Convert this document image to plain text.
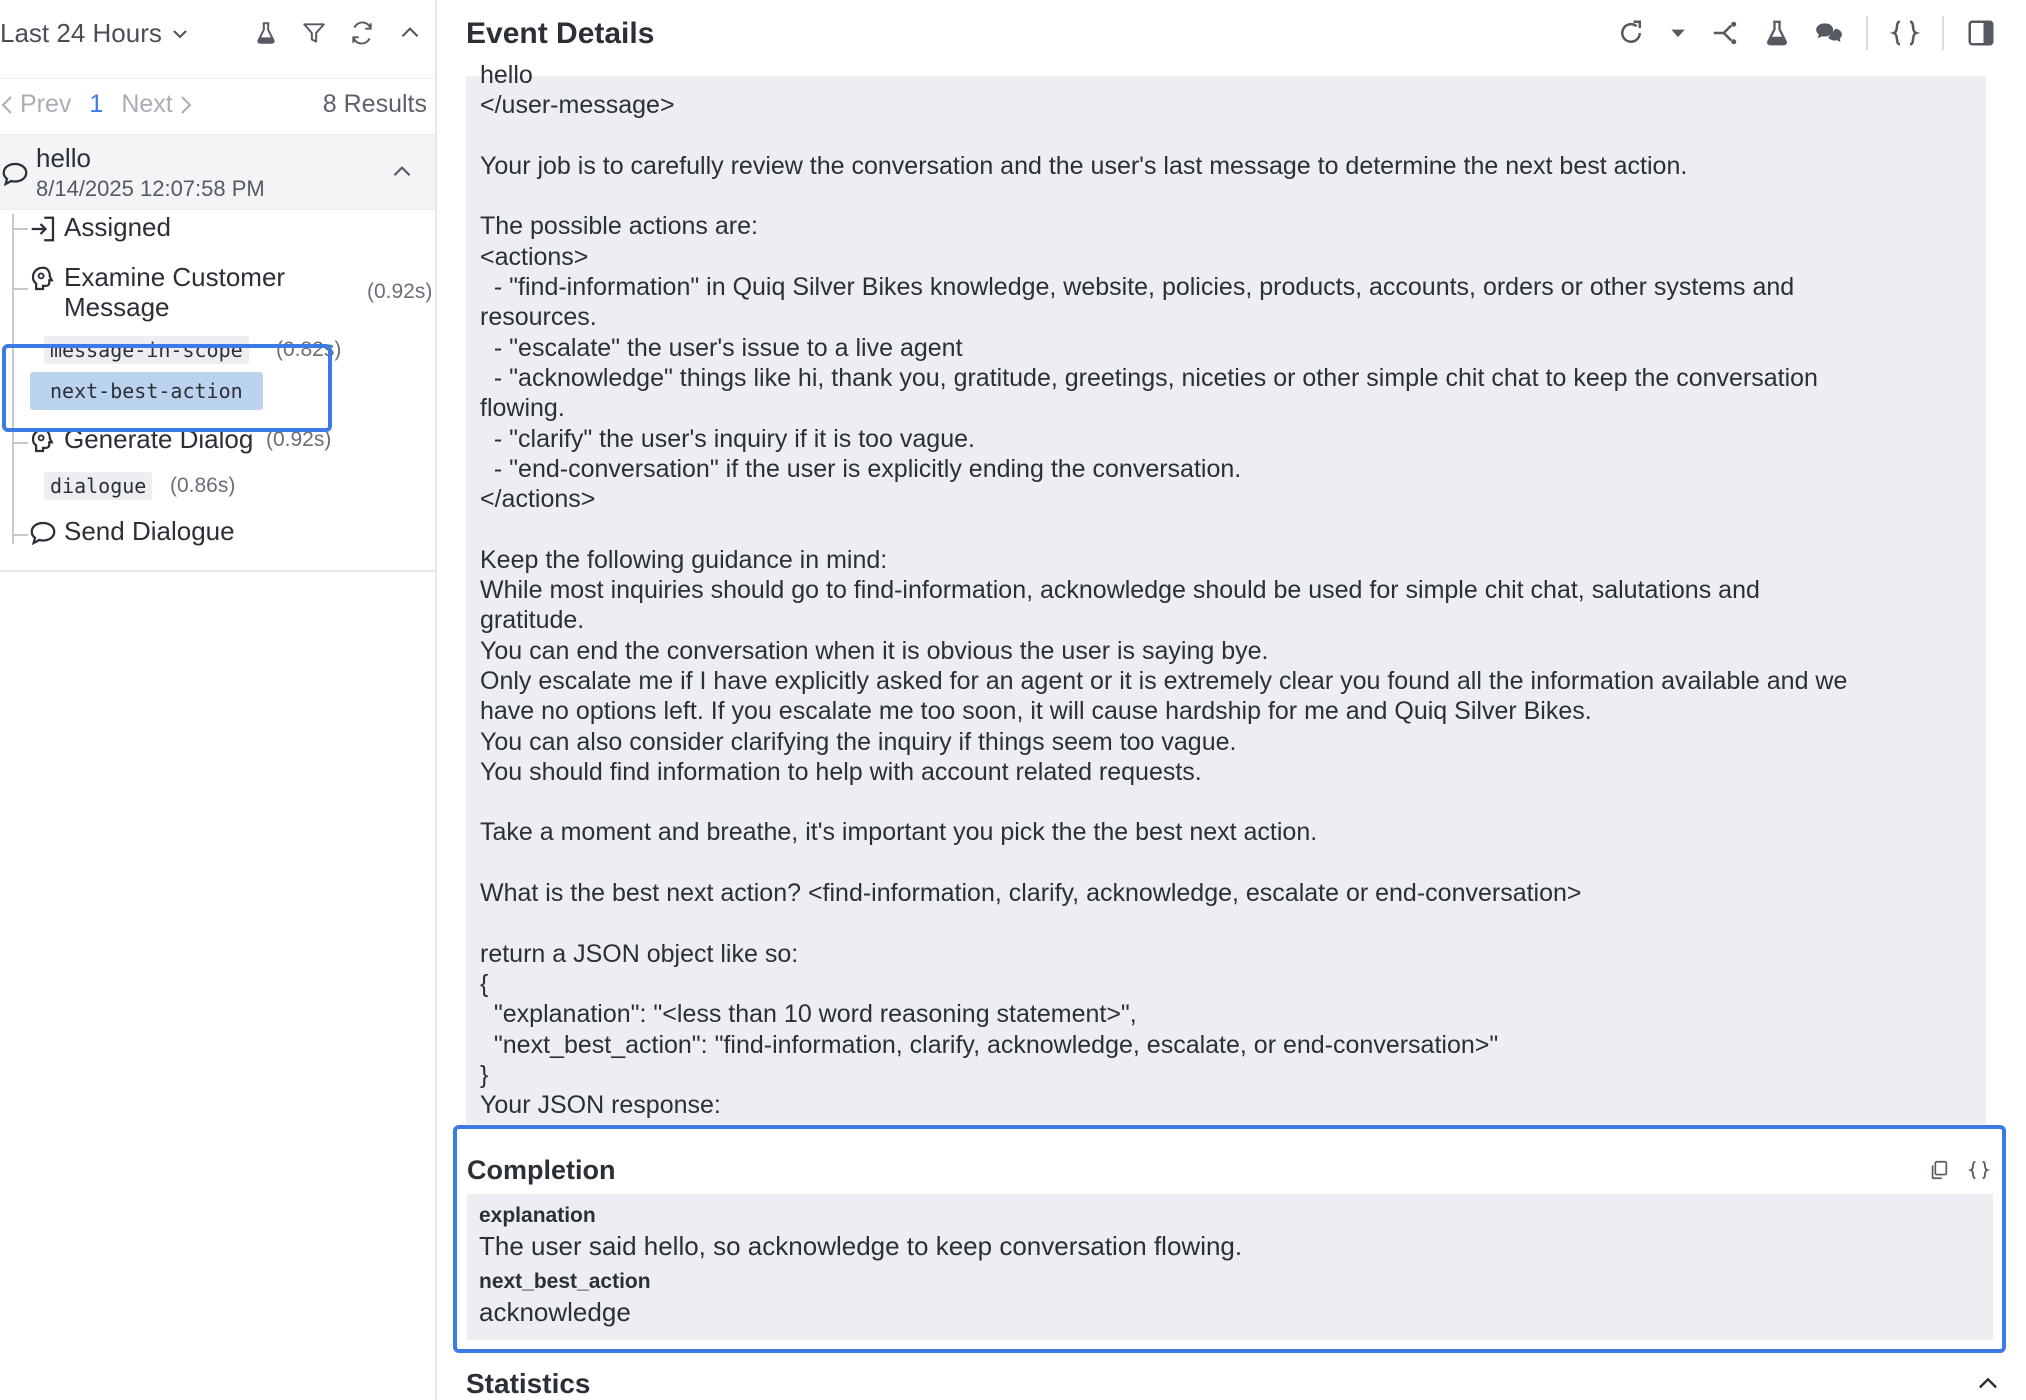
Last 24 Hours
Prev 1 Next	8 Results
hello
8/14/2025 12:07:58 PM
Assigned
Examine Customer
Message
(0.92s)
message-in-scope (0.82s)
next-best-action
Generate Dialog (0.92s)
dialogue (0.86s)
Send Dialogue
Event Details
hello
</user-message>

Your job is to carefully review the conversation and the user's last message to determine the next best action.

The possible actions are:
<actions>
- "find-information" in Quiq Silver Bikes knowledge, website, policies, products, accounts, orders or other systems and
resources.
- "escalate" the user's issue to a live agent
- "acknowledge" things like hi, thank you, gratitude, greetings, niceties or other simple chit chat to keep the conversation
flowing.
- "clarify" the user's inquiry if it is too vague.
- "end-conversation" if the user is explicitly ending the conversation.
</actions>

Keep the following guidance in mind:
While most inquiries should go to find-information, acknowledge should be used for simple chit chat, salutations and
gratitude.
You can end the conversation when it is obvious the user is saying bye.
Only escalate me if I have explicitly asked for an agent or it is extremely clear you found all the information available and we
have no options left. If you escalate me too soon, it will cause hardship for me and Quiq Silver Bikes.
You can also consider clarifying the inquiry if things seem too vague.
You should find information to help with account related requests.

Take a moment and breathe, it's important you pick the the best next action.

What is the best next action? <find-information, clarify, acknowledge, escalate or end-conversation>

return a JSON object like so:
{
"explanation": "<less than 10 word reasoning statement>",
"next_best_action": "find-information, clarify, acknowledge, escalate, or end-conversation>"
}
Your JSON response:
Completion
explanation
The user said hello, so acknowledge to keep conversation flowing.
next_best_action
acknowledge
Statistics
